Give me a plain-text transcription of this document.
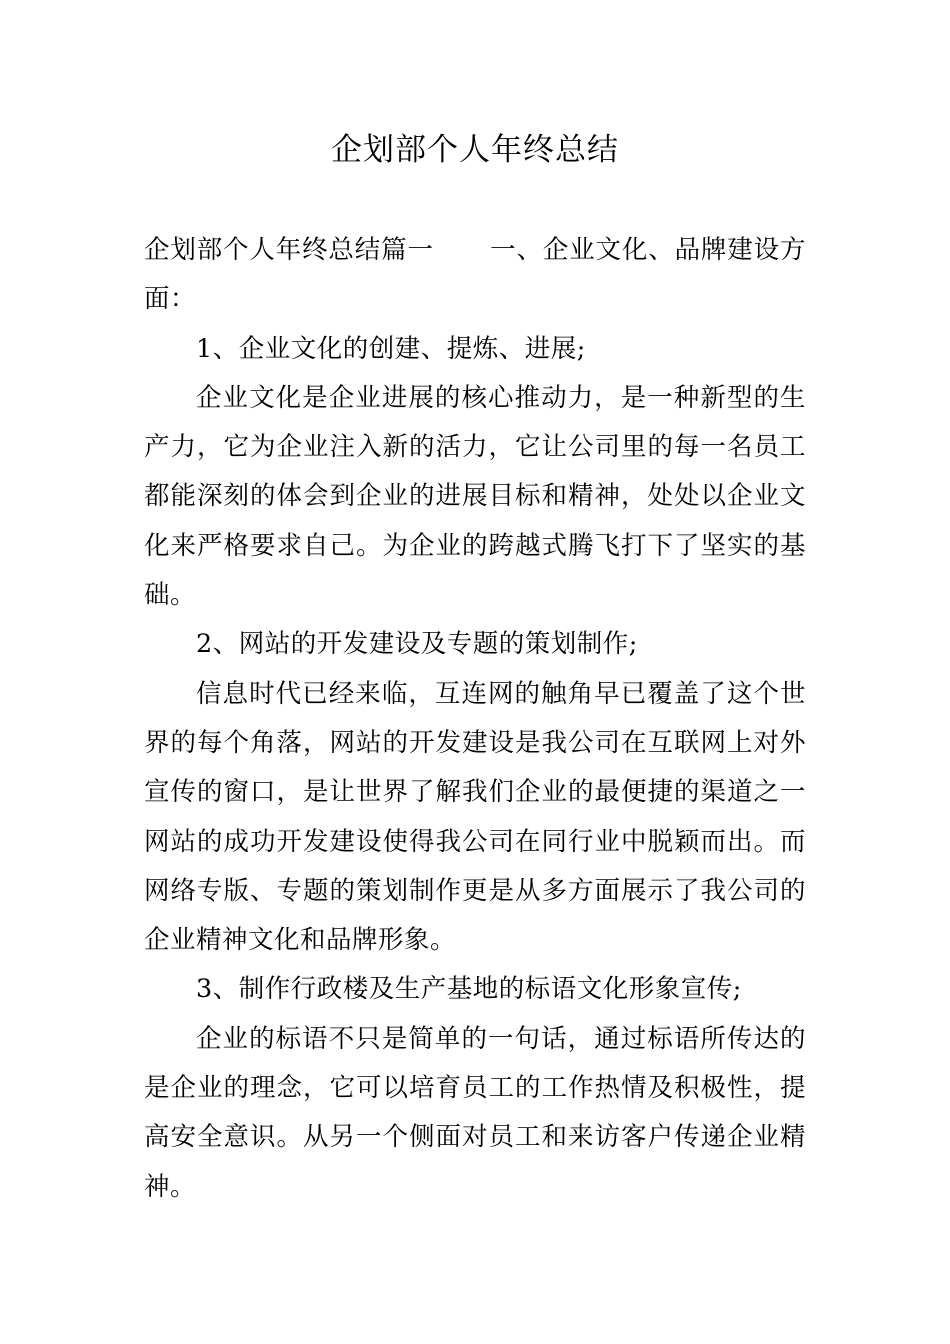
企划部个人年终总结

企划部个人年终总结篇一 一、企业文化、品牌建设方面：

1、企业文化的创建、提炼、进展;

企业文化是企业进展的核心推动力，是一种新型的生产力，它为企业注入新的活力，它让公司里的每一名员工都能深刻的体会到企业的进展目标和精神，处处以企业文化来严格要求自己。为企业的跨越式腾飞打下了坚实的基础。

2、网站的开发建设及专题的策划制作;

信息时代已经来临，互连网的触角早已覆盖了这个世界的每个角落，网站的开发建设是我公司在互联网上对外宣传的窗口，是让世界了解我们企业的最便捷的渠道之一网站的成功开发建设使得我公司在同行业中脱颖而出。而网络专版、专题的策划制作更是从多方面展示了我公司的企业精神文化和品牌形象。

3、制作行政楼及生产基地的标语文化形象宣传;

企业的标语不只是简单的一句话，通过标语所传达的是企业的理念，它可以培育员工的工作热情及积极性，提高安全意识。从另一个侧面对员工和来访客户传递企业精神。
